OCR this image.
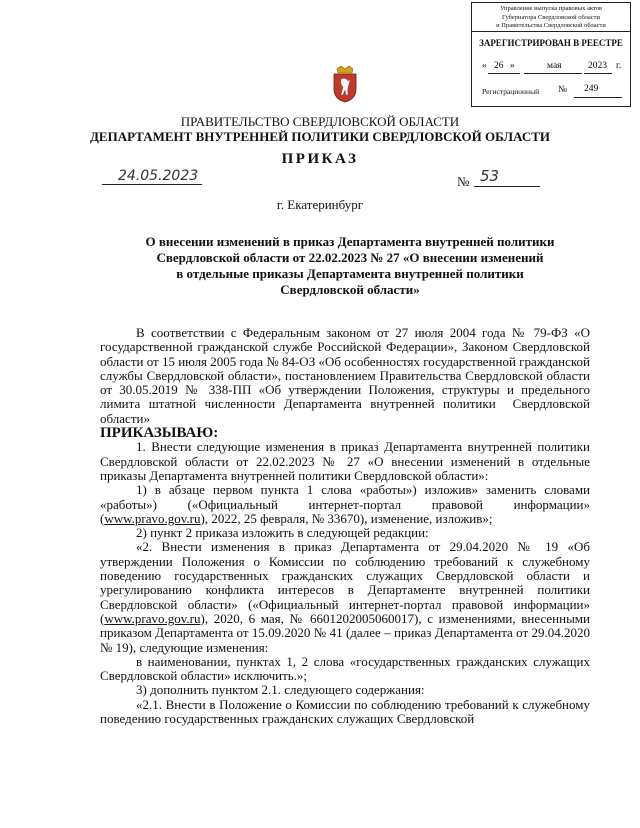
Управление выпуска правовых актов
Губернатора Свердловской области
и Правительства Свердловской области
ЗАРЕГИСТРИРОВАН В РЕЕСТРЕ
« 26 »	мая	2023 г.
Регистрационный № 249
ПРАВИТЕЛЬСТВО СВЕРДЛОВСКОЙ ОБЛАСТИ
ДЕПАРТАМЕНТ ВНУТРЕННЕЙ ПОЛИТИКИ СВЕРДЛОВСКОЙ ОБЛАСТИ
ПРИКАЗ
24.05.2023	№ 53
г. Екатеринбург
О внесении изменений в приказ Департамента внутренней политики
Свердловской области от 22.02.2023 № 27 «О внесении изменений
в отдельные приказы Департамента внутренней политики
Свердловской области»

В соответствии с Федеральным законом от 27 июля 2004 года № 79-ФЗ «О государственной гражданской службе Российской Федерации», Законом Свердловской области от 15 июля 2005 года № 84-ОЗ «Об особенностях государственной гражданской службы Свердловской области», постановлением Правительства Свердловской области от 30.05.2019 № 338-ПП «Об утверждении Положения, структуры и предельного лимита штатной численности Департамента внутренней политики Свердловской области»

ПРИКАЗЫВАЮ:

1. Внести следующие изменения в приказ Департамента внутренней политики Свердловской области от 22.02.2023 № 27 «О внесении изменений в отдельные приказы Департамента внутренней политики Свердловской области»:

1) в абзаце первом пункта 1 слова «работы») изложив» заменить словами «работы») («Официальный интернет-портал правовой информации» (www.pravo.gov.ru), 2022, 25 февраля, № 33670), изменение, изложив»;

2) пункт 2 приказа изложить в следующей редакции:

«2. Внести изменения в приказ Департамента от 29.04.2020 № 19 «Об утверждении Положения о Комиссии по соблюдению требований к служебному поведению государственных гражданских служащих Свердловской области и урегулированию конфликта интересов в Департаменте внутренней политики Свердловской области» («Официальный интернет-портал правовой информации» (www.pravo.gov.ru), 2020, 6 мая, № 6601202005060017), с изменениями, внесенными приказом Департамента от 15.09.2020 № 41 (далее – приказ Департамента от 29.04.2020 № 19), следующие изменения:

в наименовании, пунктах 1, 2 слова «государственных гражданских служащих Свердловской области» исключить.»;

3) дополнить пунктом 2.1. следующего содержания:

«2.1. Внести в Положение о Комиссии по соблюдению требований к служебному поведению государственных гражданских служащих Свердловской
